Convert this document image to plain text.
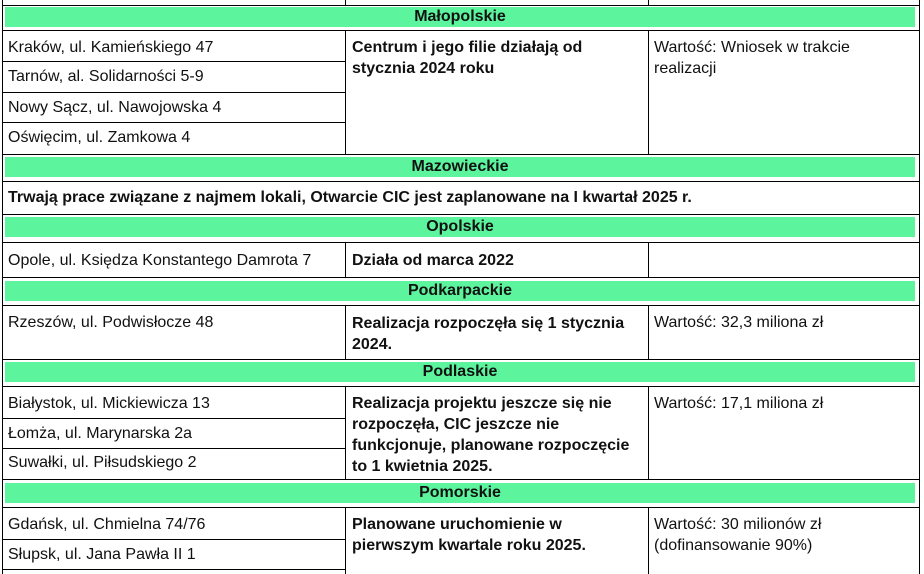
Małopolskie
Kraków, ul. Kamieńskiego 47
Tarnów, al. Solidarności 5-9
Nowy Sącz, ul. Nawojowska 4
Oświęcim, ul. Zamkowa 4
Centrum i jego filie działają od stycznia 2024 roku
Wartość: Wniosek w trakcie realizacji
Mazowieckie
Trwają prace związane z najmem lokali, Otwarcie CIC jest zaplanowane na I kwartał 2025 r.
Opolskie
Opole, ul. Księdza Konstantego Damrota 7	Działa od marca 2022
Podkarpackie
Rzeszów, ul. Podwisłocze 48	Realizacja rozpoczęła się 1 stycznia 2024.
Wartość: 32,3 miliona zł
Podlaskie
Białystok, ul. Mickiewicza 13
Łomża, ul. Marynarska 2a
Suwałki, ul. Piłsudskiego 2
Realizacja projektu jeszcze się nie rozpoczęła, CIC jeszcze nie funkcjonuje, planowane rozpoczęcie to 1 kwietnia 2025.
Wartość: 17,1 miliona zł
Pomorskie
Gdańsk, ul. Chmielna 74/76
Słupsk, ul. Jana Pawła II 1
Planowane uruchomienie w pierwszym kwartale roku 2025.
Wartość: 30 milionów zł (dofinansowanie 90%)
